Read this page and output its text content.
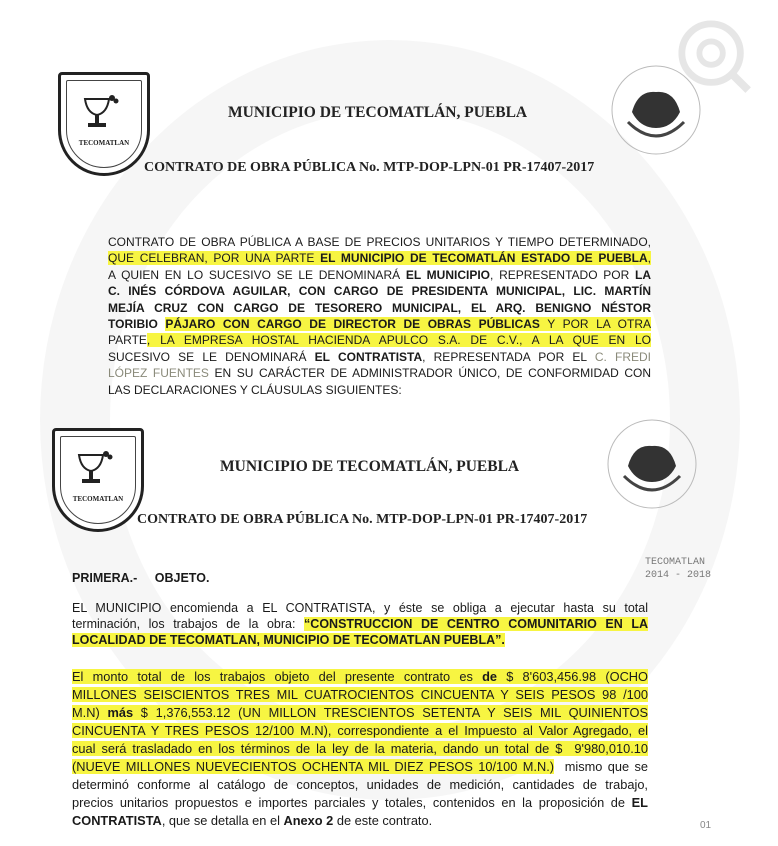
TECOMATLAN
MUNICIPIO DE TECOMATLÁN, PUEBLA
CONTRATO DE OBRA PÚBLICA No. MTP-DOP-LPN-01 PR-17407-2017
CONTRATO DE OBRA PÚBLICA A BASE DE PRECIOS UNITARIOS Y TIEMPO DETERMINADO,
QUE CELEBRAN, POR UNA PARTE EL MUNICIPIO DE TECOMATLÁN ESTADO DE PUEBLA,
A QUIEN EN LO SUCESIVO SE LE DENOMINARÁ EL MUNICIPIO, REPRESENTADO POR LA
C. INÉS CÓRDOVA AGUILAR, CON CARGO DE PRESIDENTA MUNICIPAL, LIC. MARTÍN
MEJÍA CRUZ CON CARGO DE TESORERO MUNICIPAL, EL ARQ. BENIGNO NÉSTOR
TORIBIO PÁJARO CON CARGO DE DIRECTOR DE OBRAS PÚBLICAS Y POR LA OTRA
PARTE, LA EMPRESA HOSTAL HACIENDA APULCO S.A. DE C.V., A LA QUE EN LO
SUCESIVO SE LE DENOMINARÁ EL CONTRATISTA, REPRESENTADA POR EL C. FREDI
LÓPEZ FUENTES EN SU CARÁCTER DE ADMINISTRADOR ÚNICO, DE CONFORMIDAD CON
LAS DECLARACIONES Y CLÁUSULAS SIGUIENTES:
TECOMATLAN
MUNICIPIO DE TECOMATLÁN, PUEBLA
CONTRATO DE OBRA PÚBLICA No. MTP-DOP-LPN-01 PR-17407-2017
PRIMERA.- OBJETO.
TECOMATLAN
2014 - 2018
EL MUNICIPIO encomienda a EL CONTRATISTA, y éste se obliga a ejecutar hasta su total
terminación, los trabajos de la obra: “CONSTRUCCION DE CENTRO COMUNITARIO EN LA
LOCALIDAD DE TECOMATLAN, MUNICIPIO DE TECOMATLAN PUEBLA”.
El monto total de los trabajos objeto del presente contrato es de $ 8'603,456.98 (OCHO
MILLONES SEISCIENTOS TRES MIL CUATROCIENTOS CINCUENTA Y SEIS PESOS 98 /100
M.N) más $ 1,376,553.12 (UN MILLON TRESCIENTOS SETENTA Y SEIS MIL QUINIENTOS
CINCUENTA Y TRES PESOS 12/100 M.N), correspondiente a el Impuesto al Valor Agregado, el
cual será trasladado en los términos de la ley de la materia, dando un total de $  9'980,010.10
(NUEVE MILLONES NUEVECIENTOS OCHENTA MIL DIEZ PESOS 10/100 M.N.)  mismo que se
determinó conforme al catálogo de conceptos, unidades de medición, cantidades de trabajo,
precios unitarios propuestos e importes parciales y totales, contenidos en la proposición de EL
CONTRATISTA, que se detalla en el Anexo 2 de este contrato.	01
